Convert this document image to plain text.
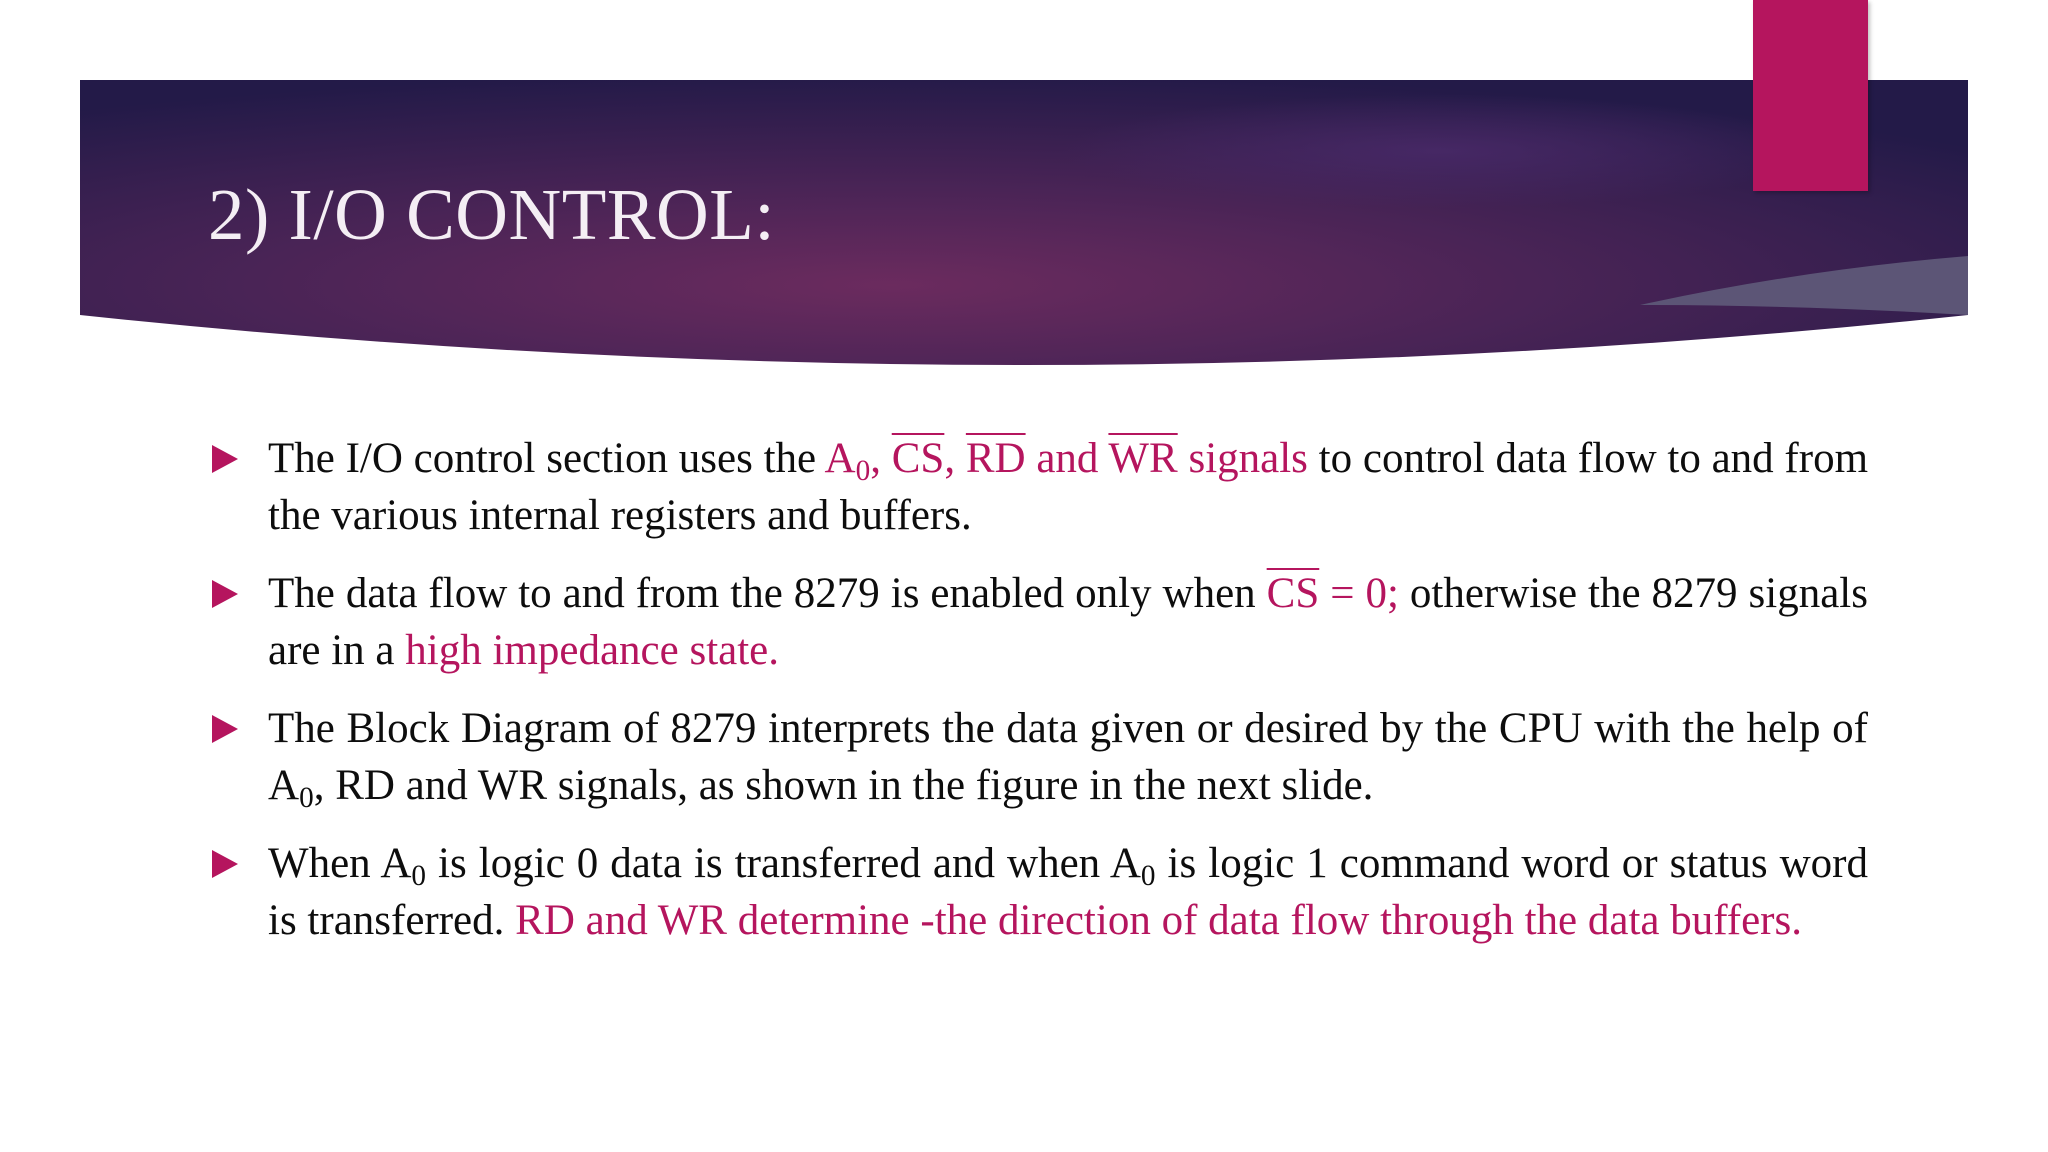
2) I/O CONTROL:
The I/O control section uses the $A_0$, $\overline{CS}$, $\overline{RD}$ and $\overline{WR}$ signals to control data flow to and from the various internal registers and buffers.
The data flow to and from the 8279 is enabled only when $\overline{CS} = 0$; otherwise the 8279 signals are in a high impedance state.
The Block Diagram of 8279 interprets the data given or desired by the CPU with the help of $A_0$, RD and WR signals, as shown in the figure in the next slide.
When $A_0$ is logic 0 data is transferred and when $A_0$ is logic 1 command word or status word is transferred. RD and WR determine -the direction of data flow through the data buffers.
